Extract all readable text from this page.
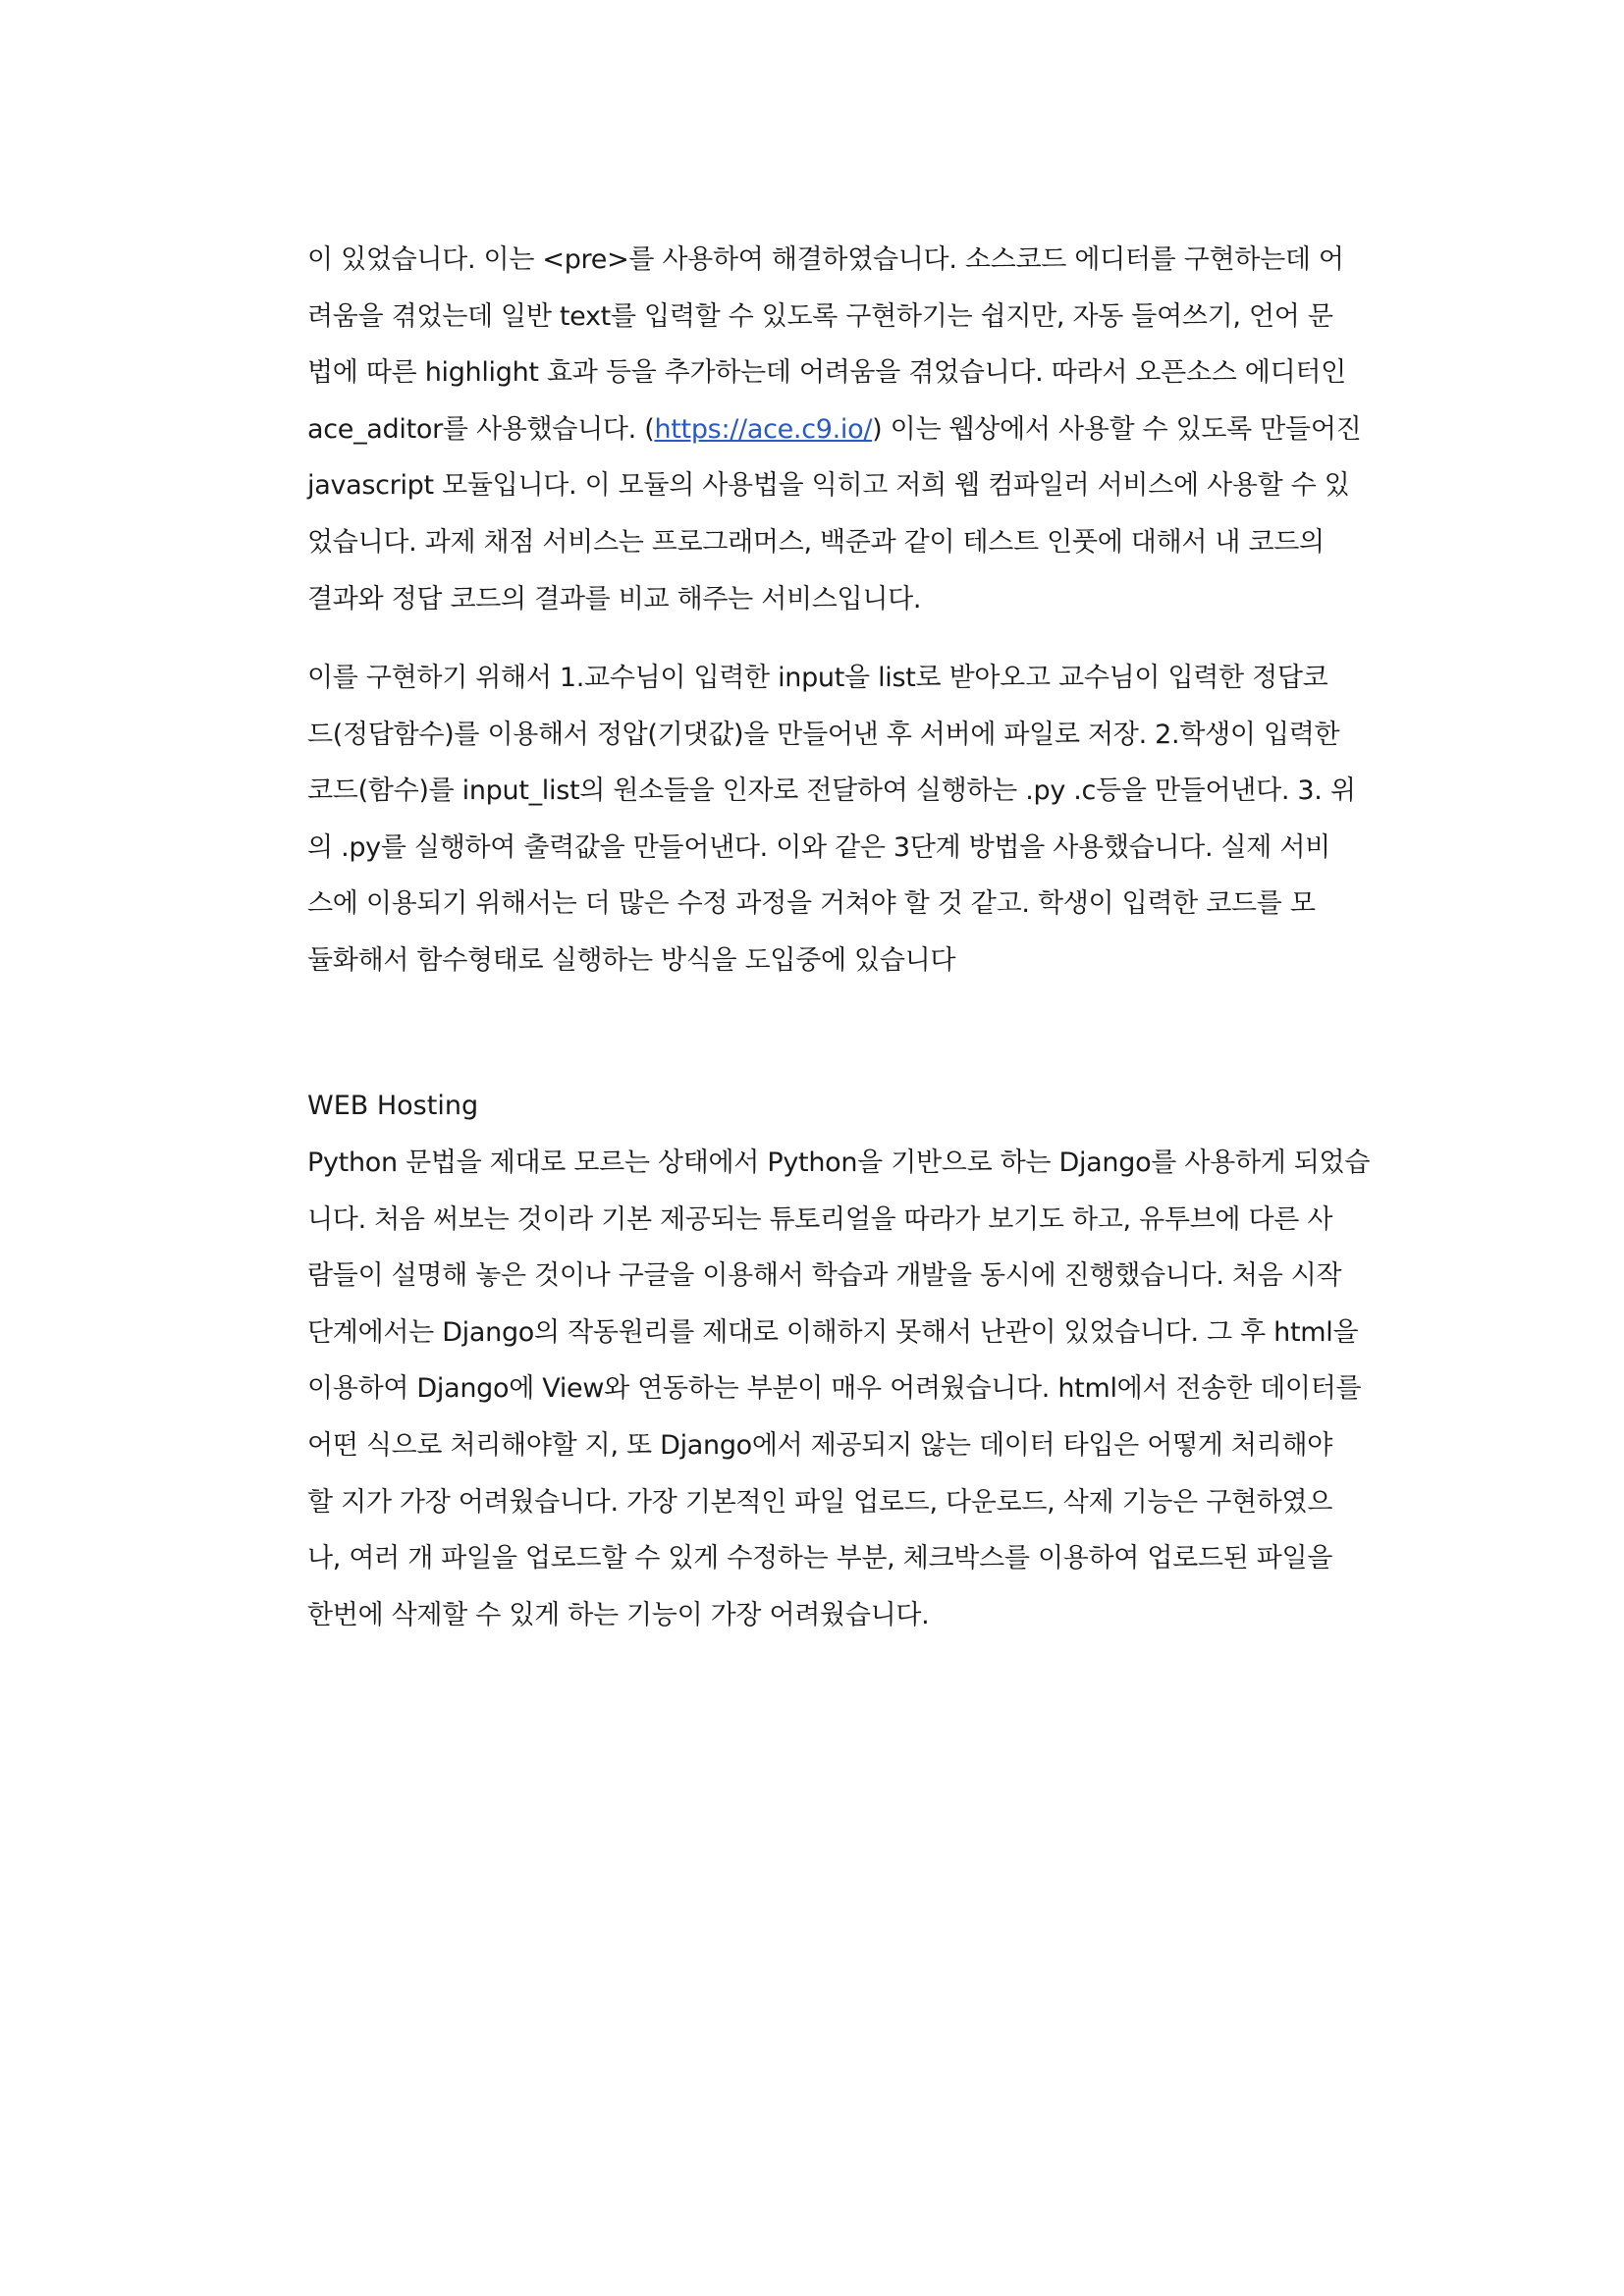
이 있었습니다. 이는 <pre>를 사용하여 해결하였습니다. 소스코드 에디터를 구현하는데 어
려움을 겪었는데 일반 text를 입력할 수 있도록 구현하기는 쉽지만, 자동 들여쓰기, 언어 문
법에 따른 highlight 효과 등을 추가하는데 어려움을 겪었습니다. 따라서 오픈소스 에디터인
ace_aditor를 사용했습니다. (https://ace.c9.io/) 이는 웹상에서 사용할 수 있도록 만들어진
javascript 모듈입니다. 이 모듈의 사용법을 익히고 저희 웹 컴파일러 서비스에 사용할 수 있
었습니다. 과제 채점 서비스는 프로그래머스, 백준과 같이 테스트 인풋에 대해서 내 코드의
결과와 정답 코드의 결과를 비교 해주는 서비스입니다.
이를 구현하기 위해서 1.교수님이 입력한 input을 list로 받아오고 교수님이 입력한 정답코
드(정답함수)를 이용해서 정압(기댓값)을 만들어낸 후 서버에 파일로 저장. 2.학생이 입력한
코드(함수)를 input_list의 원소들을 인자로 전달하여 실행하는 .py .c등을 만들어낸다. 3. 위
의 .py를 실행하여 출력값을 만들어낸다. 이와 같은 3단계 방법을 사용했습니다. 실제 서비
스에 이용되기 위해서는 더 많은 수정 과정을 거쳐야 할 것 같고. 학생이 입력한 코드를 모
듈화해서 함수형태로 실행하는 방식을 도입중에 있습니다
WEB Hosting
Python 문법을 제대로 모르는 상태에서 Python을 기반으로 하는 Django를 사용하게 되었습
니다. 처음 써보는 것이라 기본 제공되는 튜토리얼을 따라가 보기도 하고, 유투브에 다른 사
람들이 설명해 놓은 것이나 구글을 이용해서 학습과 개발을 동시에 진행했습니다. 처음 시작
단계에서는 Django의 작동원리를 제대로 이해하지 못해서 난관이 있었습니다. 그 후 html을
이용하여 Django에 View와 연동하는 부분이 매우 어려웠습니다. html에서 전송한 데이터를
어떤 식으로 처리해야할 지, 또 Django에서 제공되지 않는 데이터 타입은 어떻게 처리해야
할 지가 가장 어려웠습니다. 가장 기본적인 파일 업로드, 다운로드, 삭제 기능은 구현하였으
나, 여러 개 파일을 업로드할 수 있게 수정하는 부분, 체크박스를 이용하여 업로드된 파일을
한번에 삭제할 수 있게 하는 기능이 가장 어려웠습니다.
